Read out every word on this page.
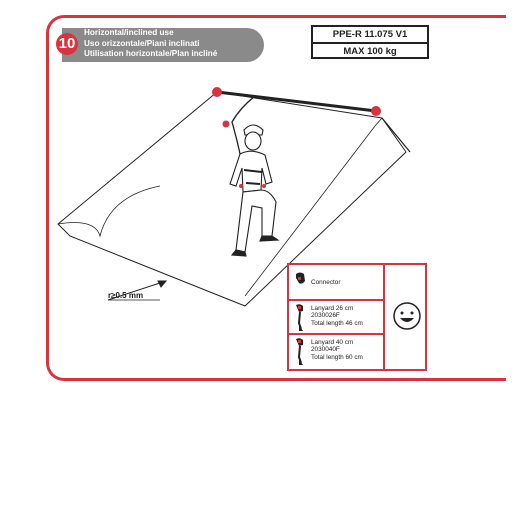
10
Horizontal/inclined use
Uso orizzontale/Piani inclinati
Utilisation horizontale/Plan incliné
PPE-R 11.075 V1
MAX 100 kg
r≥0.5 mm
Connector
Lanyard 26 cm
2030026F
Total length 46 cm
Lanyard 40 cm
2030040F
Total length 60 cm
